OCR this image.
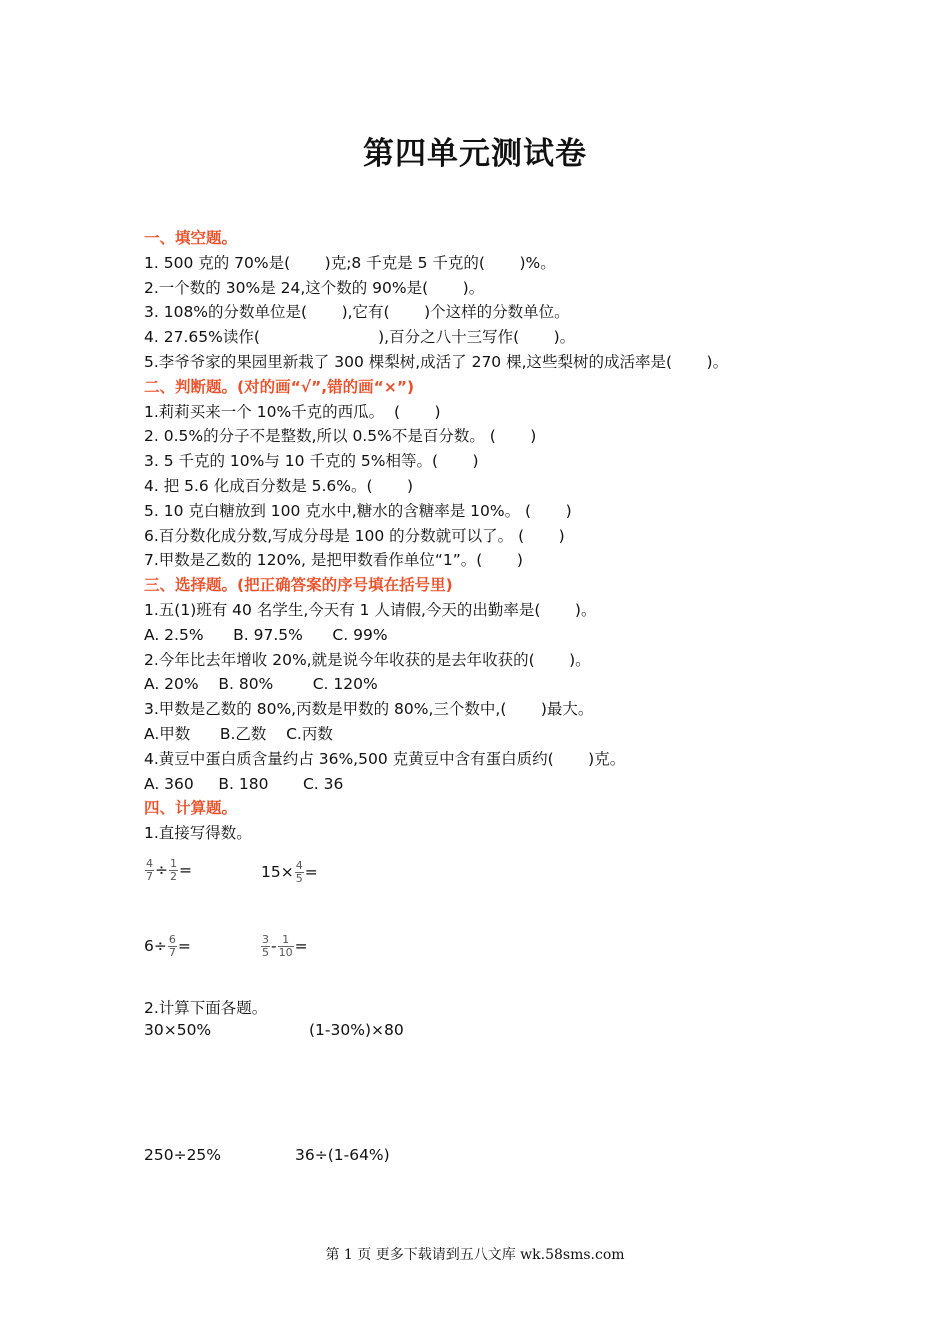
第四单元测试卷
一、填空题。
1. 500 克的 70%是(       )克;8 千克是 5 千克的(       )%。
2.一个数的 30%是 24,这个数的 90%是(       )。
3. 108%的分数单位是(       ),它有(       )个这样的分数单位。
4. 27.65%读作(                        ),百分之八十三写作(       )。
5.李爷爷家的果园里新栽了 300 棵梨树,成活了 270 棵,这些梨树的成活率是(       )。
二、判断题。(对的画“√”,错的画“×”)
1.莉莉买来一个 10%千克的西瓜。  (       )
2. 0.5%的分子不是整数,所以 0.5%不是百分数。 (       )
3. 5 千克的 10%与 10 千克的 5%相等。(       )
4. 把 5.6 化成百分数是 5.6%。(       )
5. 10 克白糖放到 100 克水中,糖水的含糖率是 10%。 (       )
6.百分数化成分数,写成分母是 100 的分数就可以了。 (       )
7.甲数是乙数的 120%, 是把甲数看作单位“1”。(       )
三、选择题。(把正确答案的序号填在括号里)
1.五(1)班有 40 名学生,今天有 1 人请假,今天的出勤率是(       )。
A. 2.5%      B. 97.5%      C. 99%
2.今年比去年增收 20%,就是说今年收获的是去年收获的(       )。
A. 20%    B. 80%        C. 120%
3.甲数是乙数的 80%,丙数是甲数的 80%,三个数中,(       )最大。
A.甲数      B.乙数    C.丙数
4.黄豆中蛋白质含量约占 36%,500 克黄豆中含有蛋白质约(       )克。
A. 360     B. 180       C. 36
四、计算题。
1.直接写得数。
$\frac{4}{7} \div \frac{1}{2}$ =	$15\times \frac{4}{5}$ =
$6\div \frac{6}{7}$ =	$\frac{3}{5} - \frac{1}{10}$ =
2.计算下面各题。
30×50%	(1-30%)×80
250÷25%	36÷(1-64%)
第 1 页 更多下载请到五八文库 wk.58sms.com
